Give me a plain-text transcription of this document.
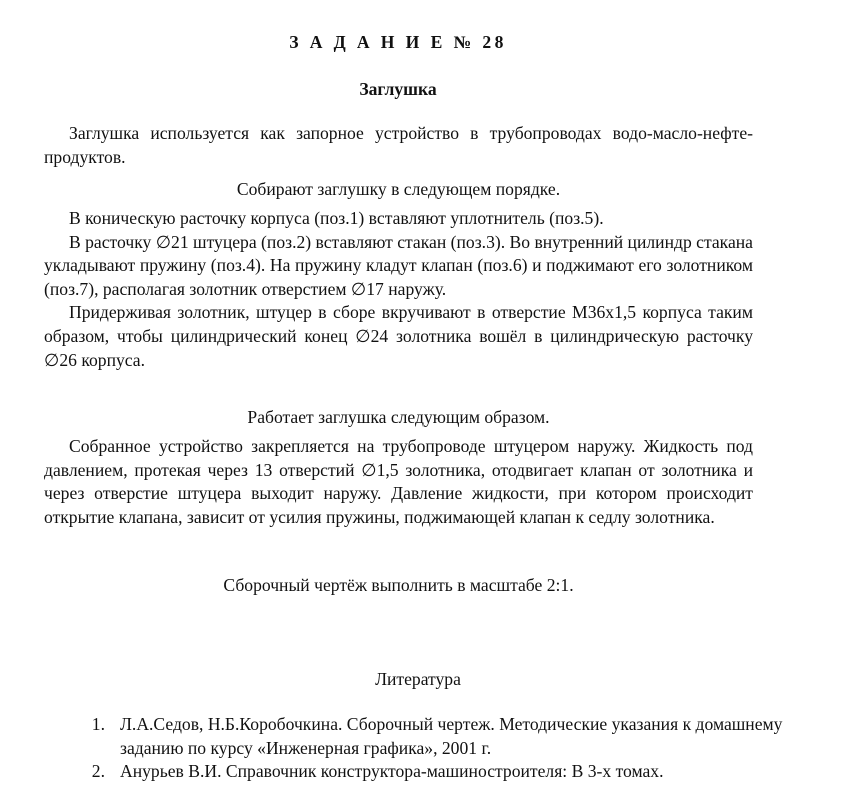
З А Д А Н И Е № 28
Заглушка

Заглушка используется как запорное устройство в трубопроводах водо-масло-нефте-продуктов.

Собирают заглушку в следующем порядке.

В коническую расточку корпуса (поз.1) вставляют уплотнитель (поз.5).

В расточку ∅21 штуцера (поз.2) вставляют стакан (поз.3). Во внутренний цилиндр стакана укладывают пружину (поз.4). На пружину кладут клапан (поз.6) и поджимают его золотником (поз.7), располагая золотник отверстием ∅17 наружу.

Придерживая золотник, штуцер в сборе вкручивают в отверстие М36х1,5 корпуса таким образом, чтобы цилиндрический конец ∅24 золотника вошёл в цилиндрическую расточку ∅26 корпуса.

Работает заглушка следующим образом.

Собранное устройство закрепляется на трубопроводе штуцером наружу. Жидкость под давлением, протекая через 13 отверстий ∅1,5 золотника, отодвигает клапан от золотника и через отверстие штуцера выходит наружу. Давление жидкости, при котором происходит открытие клапана, зависит от усилия пружины, поджимающей клапан к седлу золотника.

Сборочный чертёж выполнить в масштабе 2:1.

Литература
1. Л.А.Седов, Н.Б.Коробочкина. Сборочный чертеж. Методические указания к домашнему заданию по курсу «Инженерная графика», 2001 г.
2. Анурьев В.И. Справочник конструктора-машиностроителя: В 3-х томах.
